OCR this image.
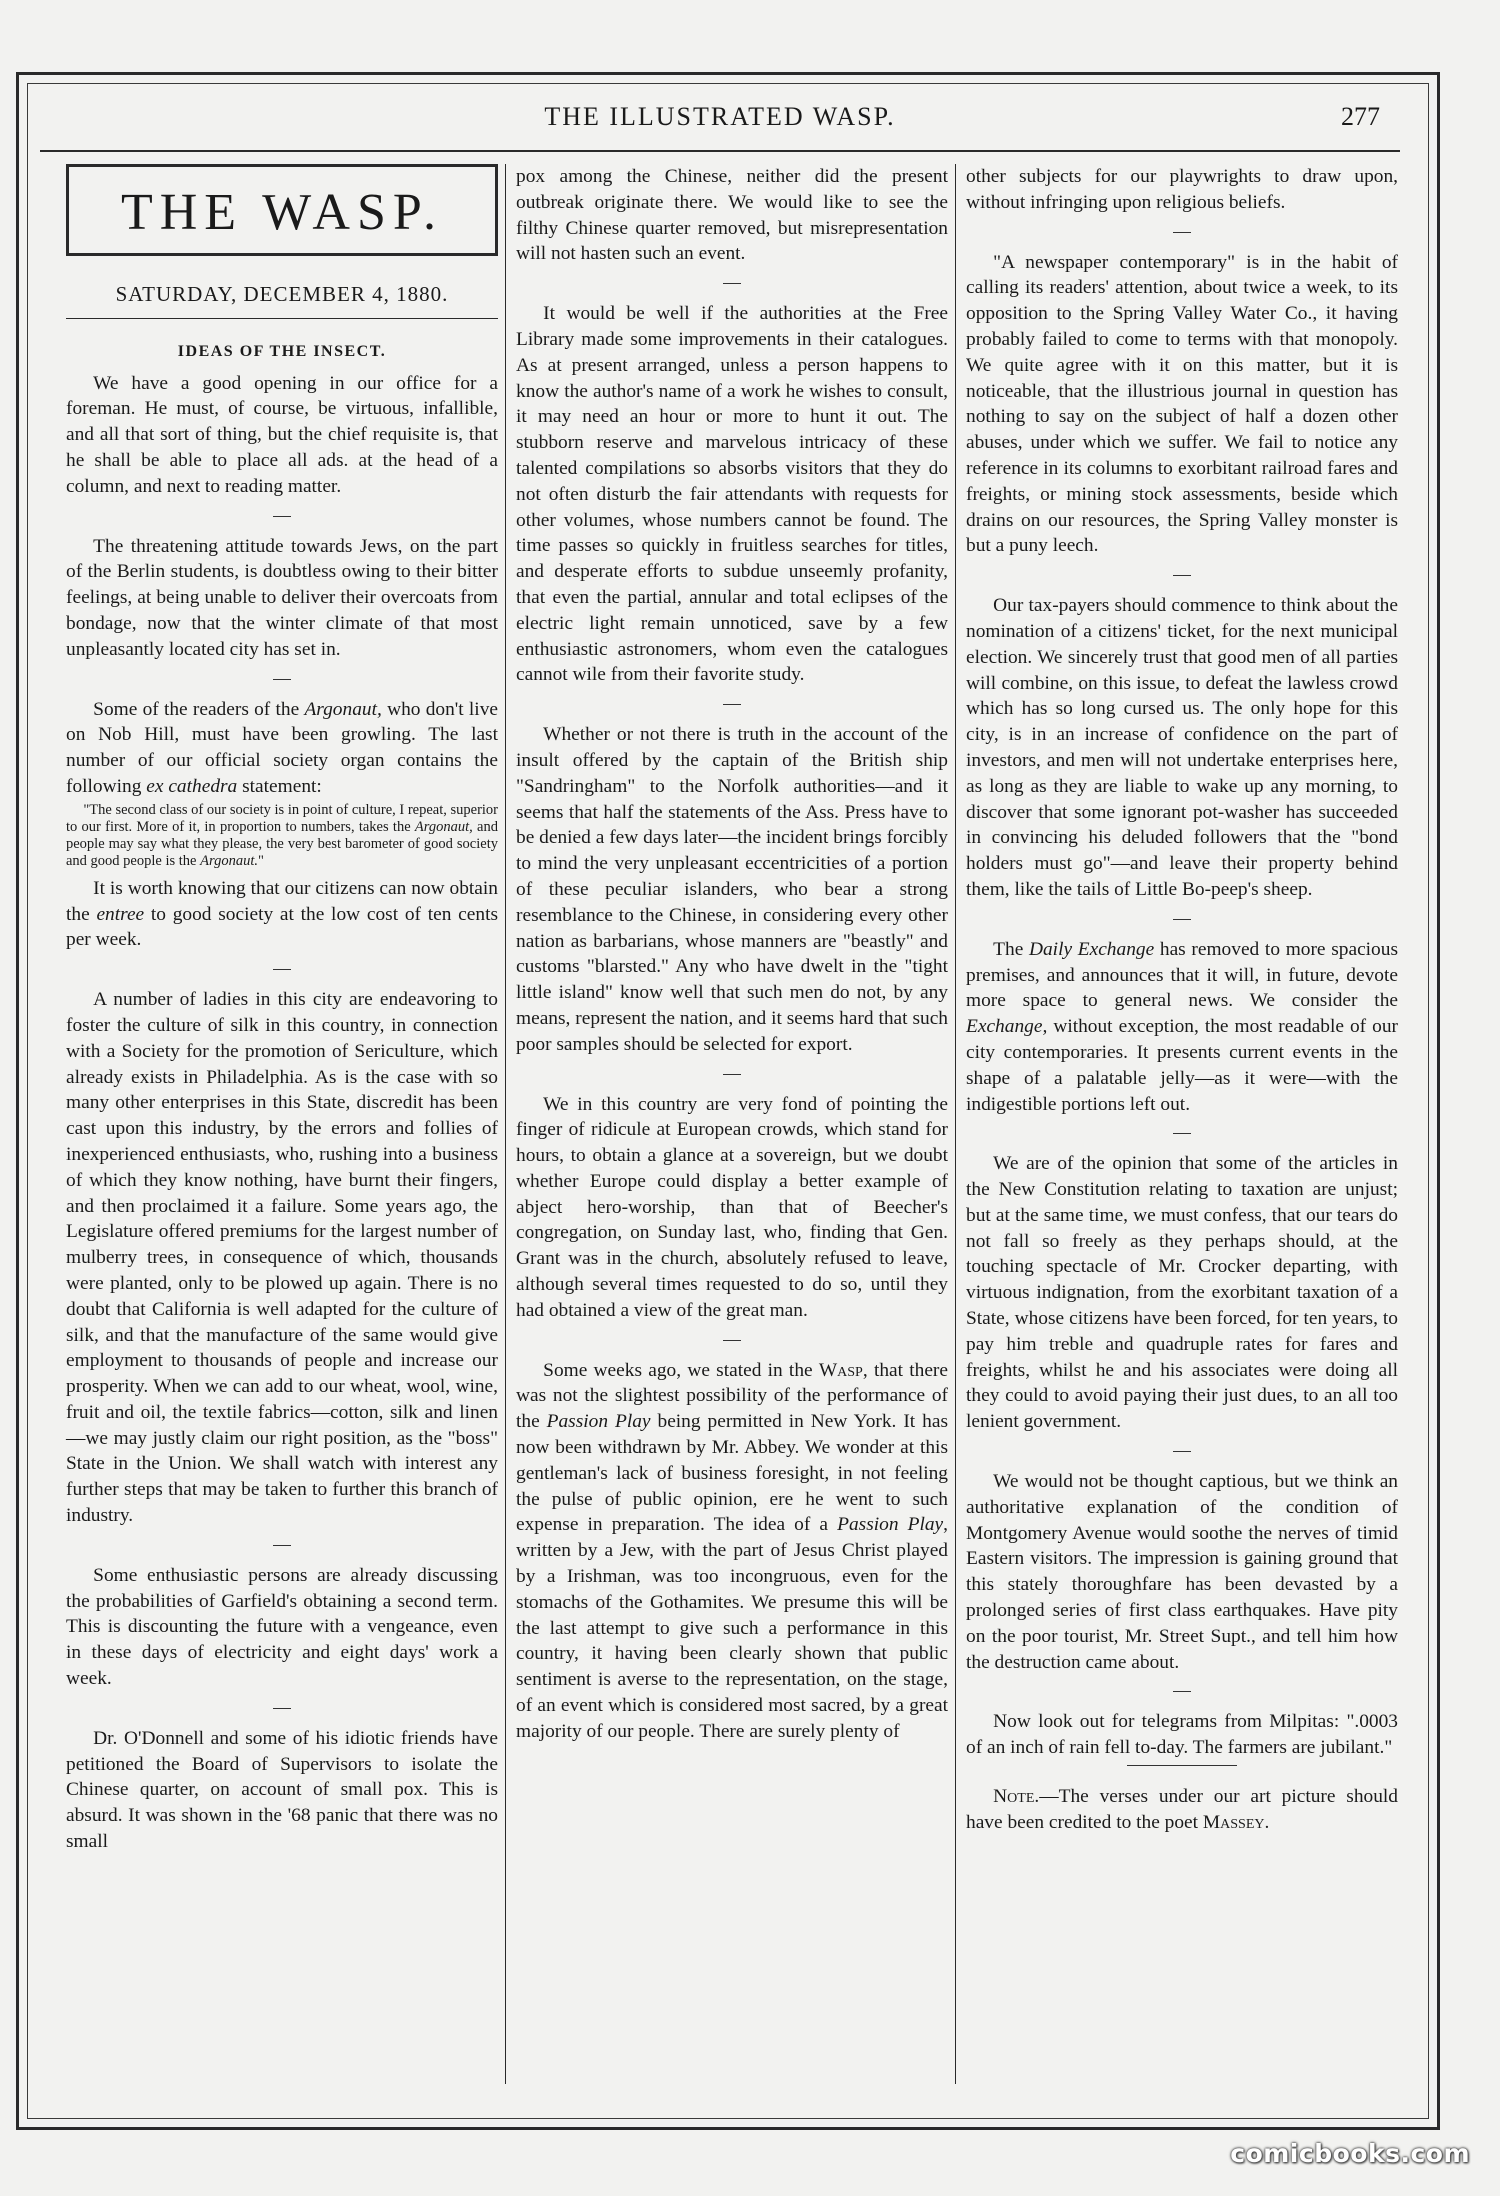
THE ILLUSTRATED WASP.	277
THE WASP.
SATURDAY, DECEMBER 4, 1880.
IDEAS OF THE INSECT.

We have a good opening in our office for a foreman. He must, of course, be virtuous, infallible, and all that sort of thing, but the chief requisite is, that he shall be able to place all ads. at the head of a column, and next to reading matter.

The threatening attitude towards Jews, on the part of the Berlin students, is doubtless owing to their bitter feelings, at being unable to deliver their overcoats from bondage, now that the winter climate of that most unpleasantly located city has set in.

Some of the readers of the Argonaut, who don't live on Nob Hill, must have been growling. The last number of our official society organ contains the following ex cathedra statement:

"The second class of our society is in point of culture, I repeat, superior to our first. More of it, in proportion to numbers, takes the Argonaut, and people may say what they please, the very best barometer of good society and good people is the Argonaut."

It is worth knowing that our citizens can now obtain the entree to good society at the low cost of ten cents per week.

A number of ladies in this city are endeavoring to foster the culture of silk in this country, in connection with a Society for the promotion of Sericulture, which already exists in Philadelphia. As is the case with so many other enterprises in this State, discredit has been cast upon this industry, by the errors and follies of inexperienced enthusiasts, who, rushing into a business of which they know nothing, have burnt their fingers, and then proclaimed it a failure. Some years ago, the Legislature offered premiums for the largest number of mulberry trees, in consequence of which, thousands were planted, only to be plowed up again. There is no doubt that California is well adapted for the culture of silk, and that the manufacture of the same would give employment to thousands of people and increase our prosperity. When we can add to our wheat, wool, wine, fruit and oil, the textile fabrics—cotton, silk and linen—we may justly claim our right position, as the "boss" State in the Union. We shall watch with interest any further steps that may be taken to further this branch of industry.

Some enthusiastic persons are already discussing the probabilities of Garfield's obtaining a second term. This is discounting the future with a vengeance, even in these days of electricity and eight days' work a week.

Dr. O'Donnell and some of his idiotic friends have petitioned the Board of Supervisors to isolate the Chinese quarter, on account of small pox. This is absurd. It was shown in the '68 panic that there was no small

pox among the Chinese, neither did the present outbreak originate there. We would like to see the filthy Chinese quarter removed, but misrepresentation will not hasten such an event.

It would be well if the authorities at the Free Library made some improvements in their catalogues. As at present arranged, unless a person happens to know the author's name of a work he wishes to consult, it may need an hour or more to hunt it out. The stubborn reserve and marvelous intricacy of these talented compilations so absorbs visitors that they do not often disturb the fair attendants with requests for other volumes, whose numbers cannot be found. The time passes so quickly in fruitless searches for titles, and desperate efforts to subdue unseemly profanity, that even the partial, annular and total eclipses of the electric light remain unnoticed, save by a few enthusiastic astronomers, whom even the catalogues cannot wile from their favorite study.

Whether or not there is truth in the account of the insult offered by the captain of the British ship "Sandringham" to the Norfolk authorities—and it seems that half the statements of the Ass. Press have to be denied a few days later—the incident brings forcibly to mind the very unpleasant eccentricities of a portion of these peculiar islanders, who bear a strong resemblance to the Chinese, in considering every other nation as barbarians, whose manners are "beastly" and customs "blarsted." Any who have dwelt in the "tight little island" know well that such men do not, by any means, represent the nation, and it seems hard that such poor samples should be selected for export.

We in this country are very fond of pointing the finger of ridicule at European crowds, which stand for hours, to obtain a glance at a sovereign, but we doubt whether Europe could display a better example of abject hero-worship, than that of Beecher's congregation, on Sunday last, who, finding that Gen. Grant was in the church, absolutely refused to leave, although several times requested to do so, until they had obtained a view of the great man.

Some weeks ago, we stated in the Wasp, that there was not the slightest possibility of the performance of the Passion Play being permitted in New York. It has now been withdrawn by Mr. Abbey. We wonder at this gentleman's lack of business foresight, in not feeling the pulse of public opinion, ere he went to such expense in preparation. The idea of a Passion Play, written by a Jew, with the part of Jesus Christ played by a Irishman, was too incongruous, even for the stomachs of the Gothamites. We presume this will be the last attempt to give such a performance in this country, it having been clearly shown that public sentiment is averse to the representation, on the stage, of an event which is considered most sacred, by a great majority of our people. There are surely plenty of

other subjects for our playwrights to draw upon, without infringing upon religious beliefs.

"A newspaper contemporary" is in the habit of calling its readers' attention, about twice a week, to its opposition to the Spring Valley Water Co., it having probably failed to come to terms with that monopoly. We quite agree with it on this matter, but it is noticeable, that the illustrious journal in question has nothing to say on the subject of half a dozen other abuses, under which we suffer. We fail to notice any reference in its columns to exorbitant railroad fares and freights, or mining stock assessments, beside which drains on our resources, the Spring Valley monster is but a puny leech.

Our tax-payers should commence to think about the nomination of a citizens' ticket, for the next municipal election. We sincerely trust that good men of all parties will combine, on this issue, to defeat the lawless crowd which has so long cursed us. The only hope for this city, is in an increase of confidence on the part of investors, and men will not undertake enterprises here, as long as they are liable to wake up any morning, to discover that some ignorant pot-washer has succeeded in convincing his deluded followers that the "bond holders must go"—and leave their property behind them, like the tails of Little Bo-peep's sheep.

The Daily Exchange has removed to more spacious premises, and announces that it will, in future, devote more space to general news. We consider the Exchange, without exception, the most readable of our city contemporaries. It presents current events in the shape of a palatable jelly—as it were—with the indigestible portions left out.

We are of the opinion that some of the articles in the New Constitution relating to taxation are unjust; but at the same time, we must confess, that our tears do not fall so freely as they perhaps should, at the touching spectacle of Mr. Crocker departing, with virtuous indignation, from the exorbitant taxation of a State, whose citizens have been forced, for ten years, to pay him treble and quadruple rates for fares and freights, whilst he and his associates were doing all they could to avoid paying their just dues, to an all too lenient government.

We would not be thought captious, but we think an authoritative explanation of the condition of Montgomery Avenue would soothe the nerves of timid Eastern visitors. The impression is gaining ground that this stately thoroughfare has been devasted by a prolonged series of first class earthquakes. Have pity on the poor tourist, Mr. Street Supt., and tell him how the destruction came about.

Now look out for telegrams from Milpitas: ".0003 of an inch of rain fell to-day. The farmers are jubilant."

Note.—The verses under our art picture should have been credited to the poet Massey.

comicbooks.com
